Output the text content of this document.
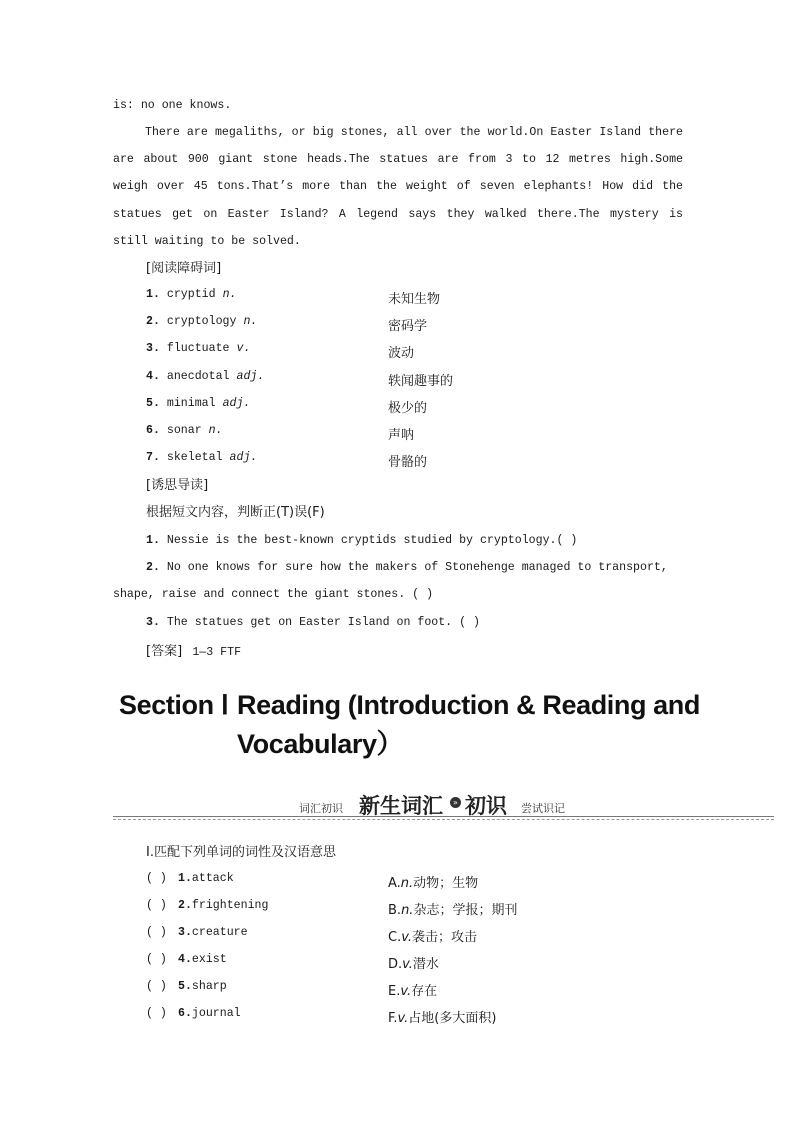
is: no one knows.
There are megaliths, or big stones, all over the world.On Easter Island there are about 900 giant stone heads.The statues are from 3 to 12 metres high.Some weigh over 45 tons.That’s more than the weight of seven elephants! How did the statues get on Easter Island? A legend says they walked there.The mystery is still waiting to be solved.
[阅读障碍词]
1. cryptid n.	未知生物
2. cryptology n.	密码学
3. fluctuate v.	波动
4. anecdotal adj.	轶闻趣事的
5. minimal adj.	极少的
6. sonar n.	声呐
7. skeletal adj.	骨骼的
[诱思导读]
根据短文内容，判断正(T)误(F)
1. Nessie is the best-known cryptids studied by cryptology.( )
2. No one knows for sure how the makers of Stonehenge managed to transport,
shape, raise and connect the giant stones. ( )
3. The statues get on Easter Island on foot. ( )
[答案] 1—3 FTF
Section Ⅰ Reading (Introduction & Reading and
Vocabulary）
词汇初识 新生词汇	» 初识 尝试识记
Ⅰ.匹配下列单词的词性及汉语意思
( ) 1.attack	A.n.动物；生物
( ) 2.frightening	B.n.杂志；学报；期刊
( ) 3.creature	C.v.袭击；攻击
( ) 4.exist	D.v.潜水
( ) 5.sharp	E.v.存在
( ) 6.journal	F.v.占地(多大面积)
